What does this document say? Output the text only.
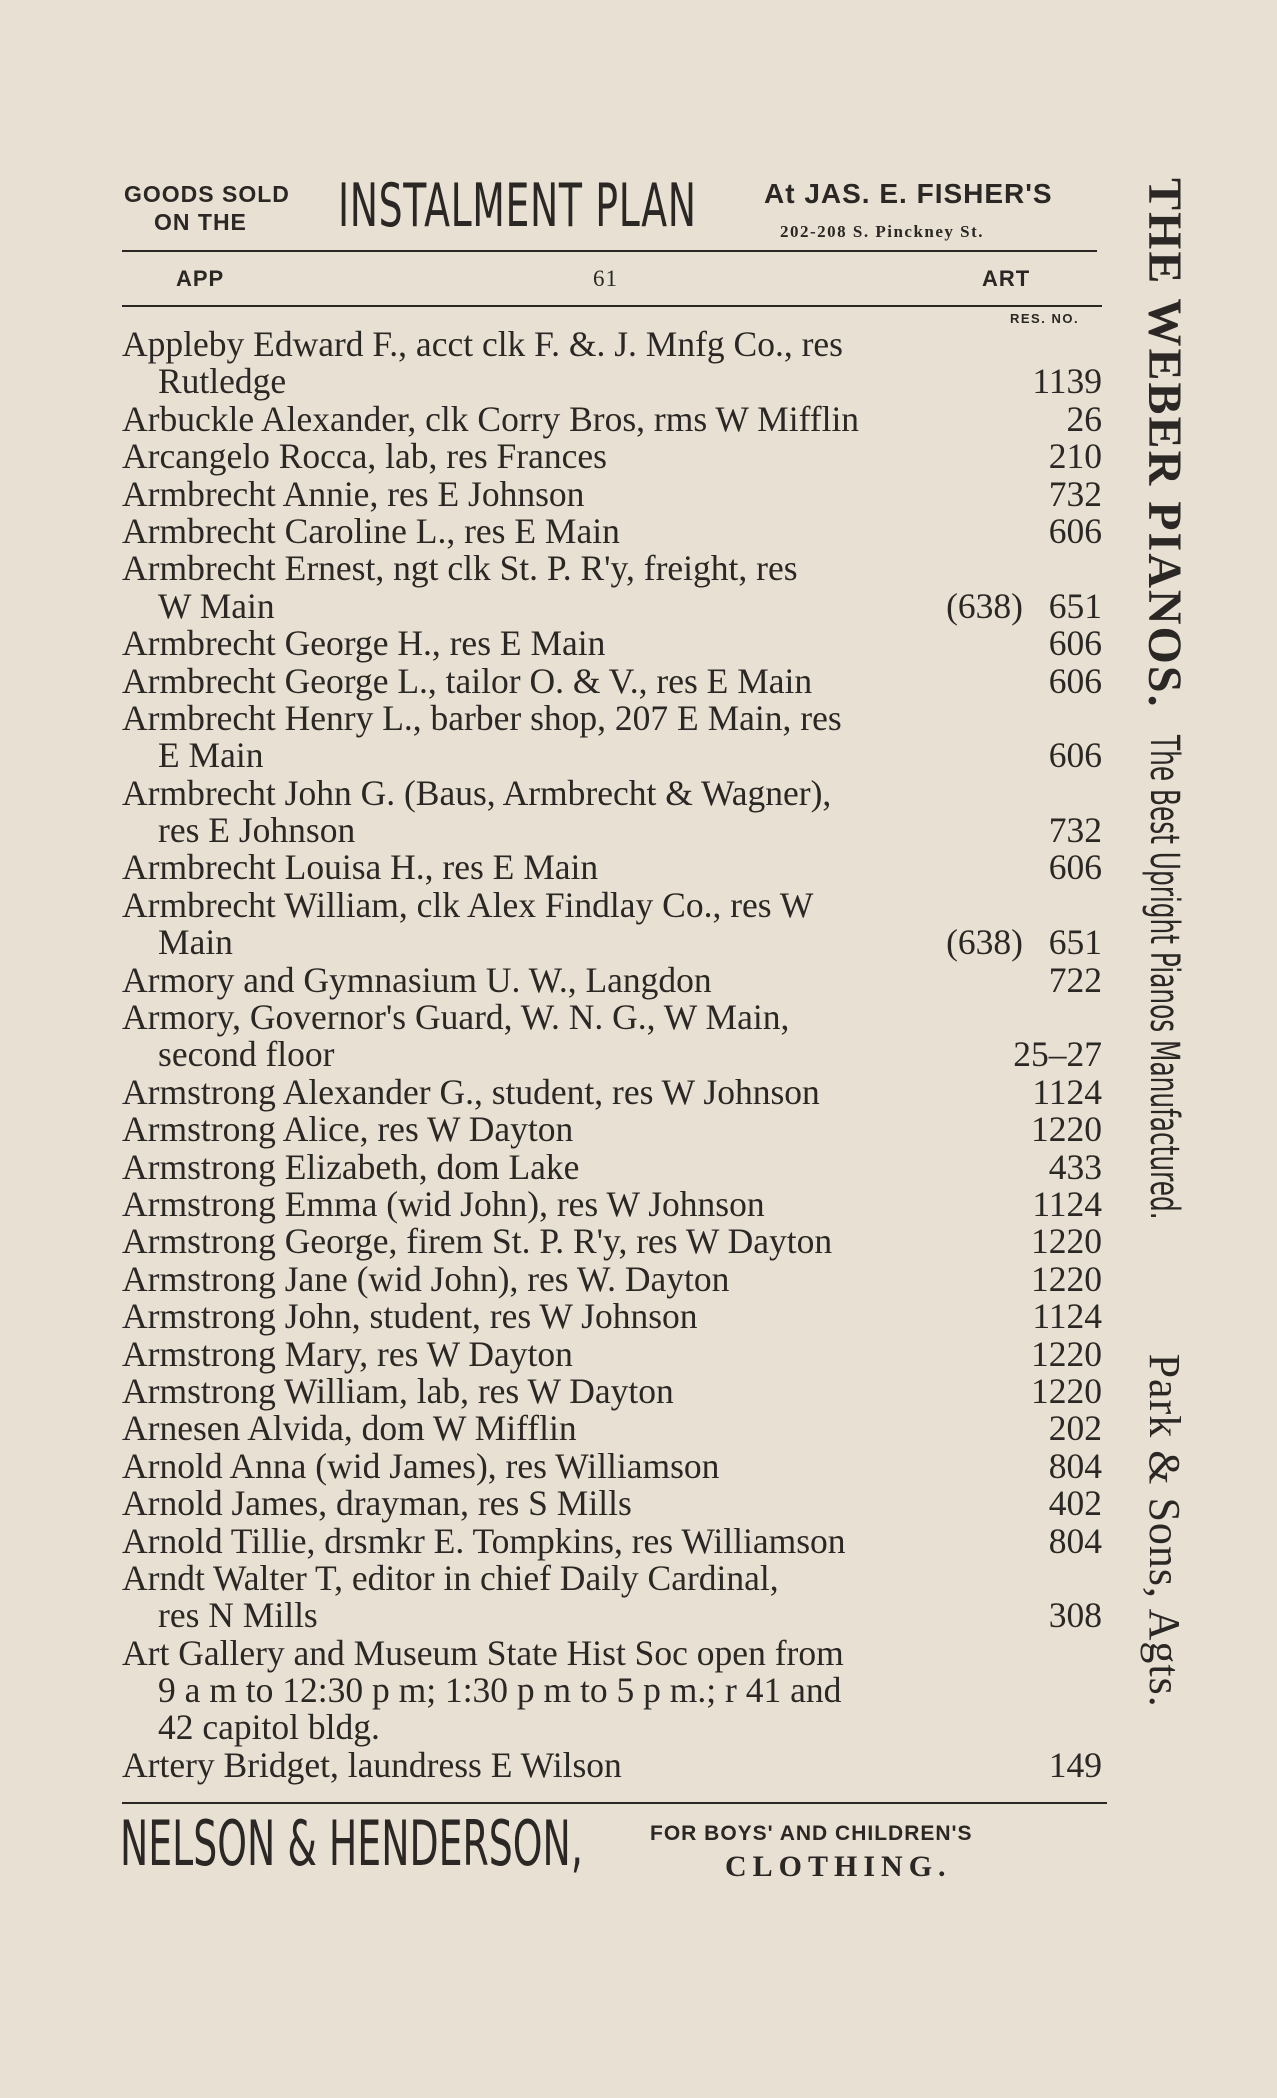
GOODS SOLD
ON THE	INSTALMENT PLAN At JAS. E. FISHER'S
202-208 S. Pinckney St.
APP	61	ART
RES. NO.
Appleby Edward F., acct clk F. &. J. Mnfg Co., res
Rutledge	1139
Arbuckle Alexander, clk Corry Bros, rms W Mifflin	26
Arcangelo Rocca, lab, res Frances	210
Armbrecht Annie, res E Johnson	732
Armbrecht Caroline L., res E Main	606
Armbrecht Ernest, ngt clk St. P. R'y, freight, res
W Main	(638) 651
Armbrecht George H., res E Main	606
Armbrecht George L., tailor O. & V., res E Main	606
Armbrecht Henry L., barber shop, 207 E Main, res
E Main	606
Armbrecht John G. (Baus, Armbrecht & Wagner),
res E Johnson	732
Armbrecht Louisa H., res E Main	606
Armbrecht William, clk Alex Findlay Co., res W
Main	(638) 651
Armory and Gymnasium U. W., Langdon	722
Armory, Governor's Guard, W. N. G., W Main,
second floor	25–27
Armstrong Alexander G., student, res W Johnson	1124
Armstrong Alice, res W Dayton	1220
Armstrong Elizabeth, dom Lake	433
Armstrong Emma (wid John), res W Johnson	1124
Armstrong George, firem St. P. R'y, res W Dayton	1220
Armstrong Jane (wid John), res W. Dayton	1220
Armstrong John, student, res W Johnson	1124
Armstrong Mary, res W Dayton	1220
Armstrong William, lab, res W Dayton	1220
Arnesen Alvida, dom W Mifflin	202
Arnold Anna (wid James), res Williamson	804
Arnold James, drayman, res S Mills	402
Arnold Tillie, drsmkr E. Tompkins, res Williamson	804
Arndt Walter T, editor in chief Daily Cardinal,
res N Mills	308
Art Gallery and Museum State Hist Soc open from
9 a m to 12:30 p m; 1:30 p m to 5 p m.; r 41 and
42 capitol bldg.
Artery Bridget, laundress E Wilson	149
NELSON & HENDERSON,	FOR BOYS' AND CHILDREN'S
CLOTHING.
THE WEBER PIANOS. The Best Upright Pianos Manufactured. Park & Sons, Agts.
